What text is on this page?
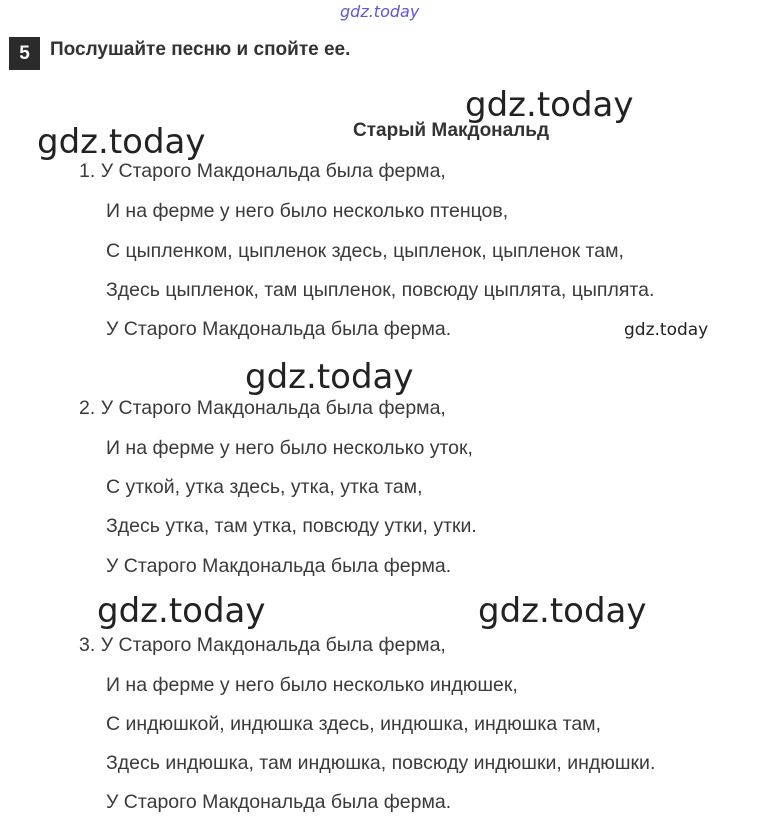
gdz.today
gdz.today
gdz.today
gdz.today
gdz.today
gdz.today	gdz.today
5	Послушайте песню и спойте ее.
Старый Макдональд
1. У Старого Макдональда была ферма,
И на ферме у него было несколько птенцов,
С цыпленком, цыпленок здесь, цыпленок, цыпленок там,
Здесь цыпленок, там цыпленок, повсюду цыплята, цыплята.
У Старого Макдональда была ферма.
2. У Старого Макдональда была ферма,
И на ферме у него было несколько уток,
С уткой, утка здесь, утка, утка там,
Здесь утка, там утка, повсюду утки, утки.
У Старого Макдональда была ферма.
3. У Старого Макдональда была ферма,
И на ферме у него было несколько индюшек,
С индюшкой, индюшка здесь, индюшка, индюшка там,
Здесь индюшка, там индюшка, повсюду индюшки, индюшки.
У Старого Макдональда была ферма.
